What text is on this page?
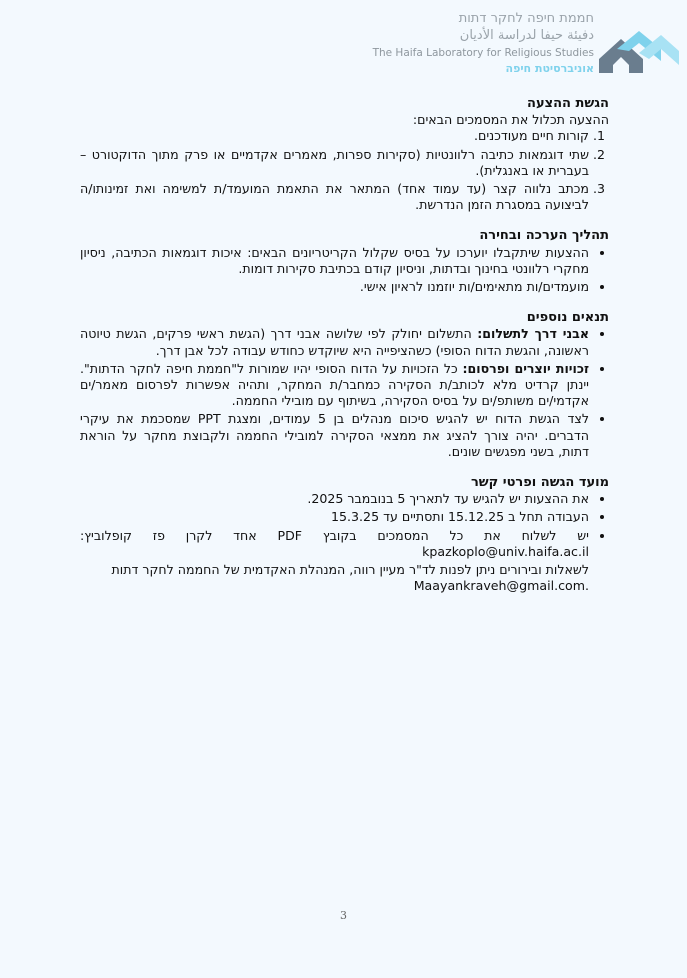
חממת חיפה לחקר דתות
دفيئة حيفا لدراسة الأديان
The Haifa Laboratory for Religious Studies
אוניברסיטת חיפה
הגשת ההצעה

ההצעה תכלול את המסמכים הבאים:

1. קורות חיים מעודכנים.
2. שתי דוגמאות כתיבה רלוונטיות (סקירות ספרות, מאמרים אקדמיים או פרק מתוך הדוקטורט – בעברית או באנגלית).
3. מכתב נלווה קצר (עד עמוד אחד) המתאר את התאמת המועמד/ת למשימה ואת זמינותו/ה לביצועה במסגרת הזמן הנדרשת.
תהליך הערכה ובחירה
• ההצעות שיתקבלו יוערכו על בסיס שקלול הקריטריונים הבאים: איכות דוגמאות הכתיבה, ניסיון מחקרי רלוונטי בחינוך ובדתות, וניסיון קודם בכתיבת סקירות דומות.
• מועמדים/ות מתאימים/ות יוזמנו לראיון אישי.
תנאים נוספים
• אבני דרך לתשלום: התשלום יחולק לפי שלושה אבני דרך (הגשת ראשי פרקים, הגשת טיוטה ראשונה, והגשת הדוח הסופי) כשהציפייה היא שיוקדש כחודש עבודה לכל אבן דרך.
• זכויות יוצרים ופרסום: כל הזכויות על הדוח הסופי יהיו שמורות ל"חממת חיפה לחקר הדתות". יינתן קרדיט מלא לכותב/ת הסקירה כמחבר/ת המחקר, ותהיה אפשרות לפרסום מאמר/ים אקדמי/ים משותפ/ים על בסיס הסקירה, בשיתוף עם מובילי החממה.
• לצד הגשת הדוח יש להגיש סיכום מנהלים בן 5 עמודים, ומצגת PPT שמסכמת את עיקרי הדברים. יהיה צורך להציג את ממצאי הסקירה למובילי החממה ולקבוצת מחקר על הוראת דתות, בשני מפגשים שונים.
מועד הגשה ופרטי קשר
• את ההצעות יש להגיש עד לתאריך 5 בנובמבר 2025.
• העבודה תחל ב 15.12.25 ותסתיים עד 15.3.25
• יש לשלוח את כל המסמכים בקובץ PDF אחד לקרן פז קופלוביץ: kpazkoplo@univ.haifa.ac.il
לשאלות ובירורים ניתן לפנות לד"ר מעיין רווה, המנהלת האקדמית של החממה לחקר דתות Maayankraveh@gmail.com.
3
